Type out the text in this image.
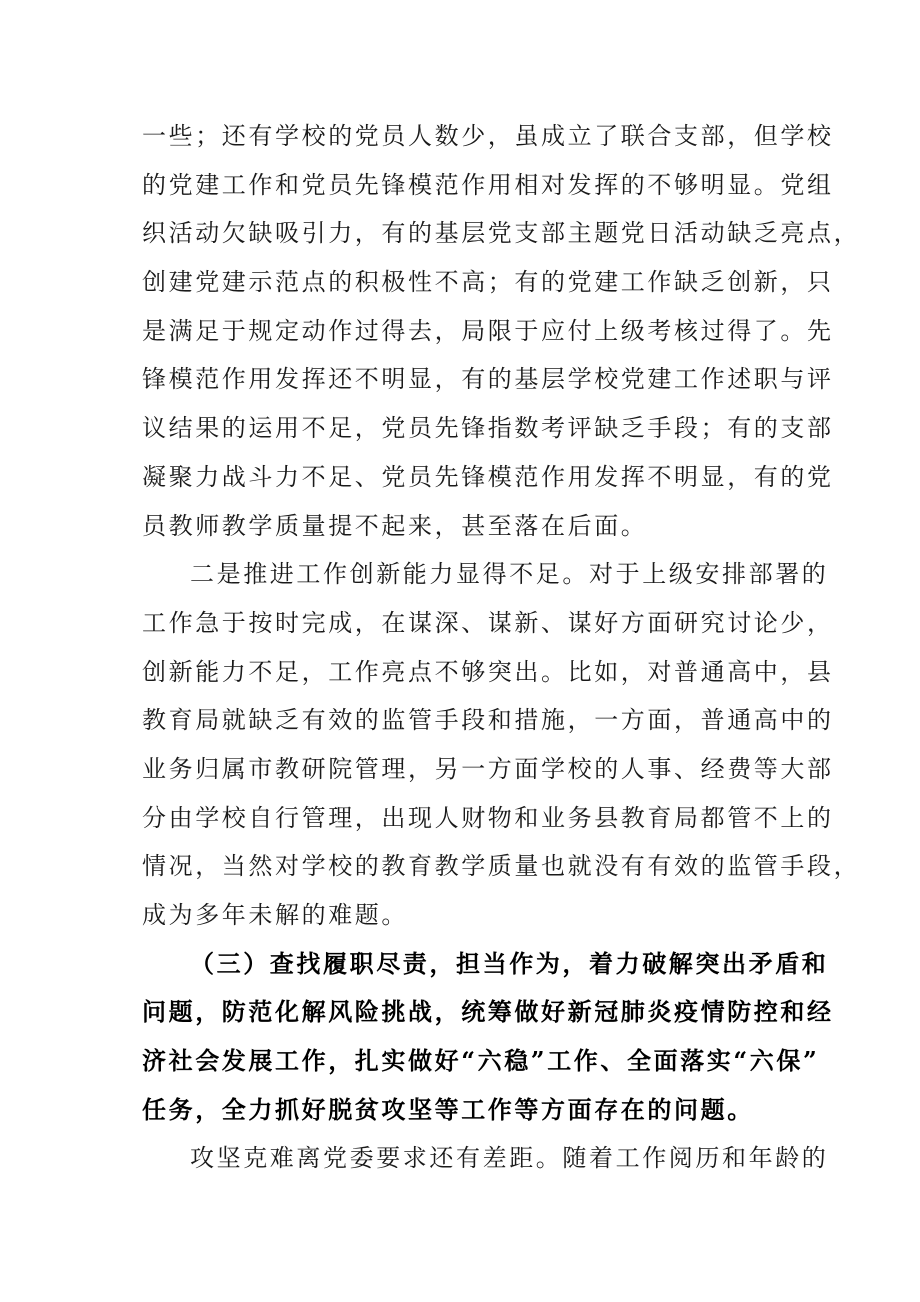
一些；还有学校的党员人数少，虽成立了联合支部，但学校
的党建工作和党员先锋模范作用相对发挥的不够明显。党组
织活动欠缺吸引力，有的基层党支部主题党日活动缺乏亮点，
创建党建示范点的积极性不高；有的党建工作缺乏创新，只
是满足于规定动作过得去，局限于应付上级考核过得了。先
锋模范作用发挥还不明显，有的基层学校党建工作述职与评
议结果的运用不足，党员先锋指数考评缺乏手段；有的支部
凝聚力战斗力不足、党员先锋模范作用发挥不明显，有的党
员教师教学质量提不起来，甚至落在后面。
二是推进工作创新能力显得不足。对于上级安排部署的
工作急于按时完成，在谋深、谋新、谋好方面研究讨论少，
创新能力不足，工作亮点不够突出。比如，对普通高中，县
教育局就缺乏有效的监管手段和措施，一方面，普通高中的
业务归属市教研院管理，另一方面学校的人事、经费等大部
分由学校自行管理，出现人财物和业务县教育局都管不上的
情况，当然对学校的教育教学质量也就没有有效的监管手段，
成为多年未解的难题。
（三）查找履职尽责，担当作为，着力破解突出矛盾和
问题，防范化解风险挑战，统筹做好新冠肺炎疫情防控和经
济社会发展工作，扎实做好“六稳”工作、全面落实“六保”
任务，全力抓好脱贫攻坚等工作等方面存在的问题。
攻坚克难离党委要求还有差距。随着工作阅历和年龄的
